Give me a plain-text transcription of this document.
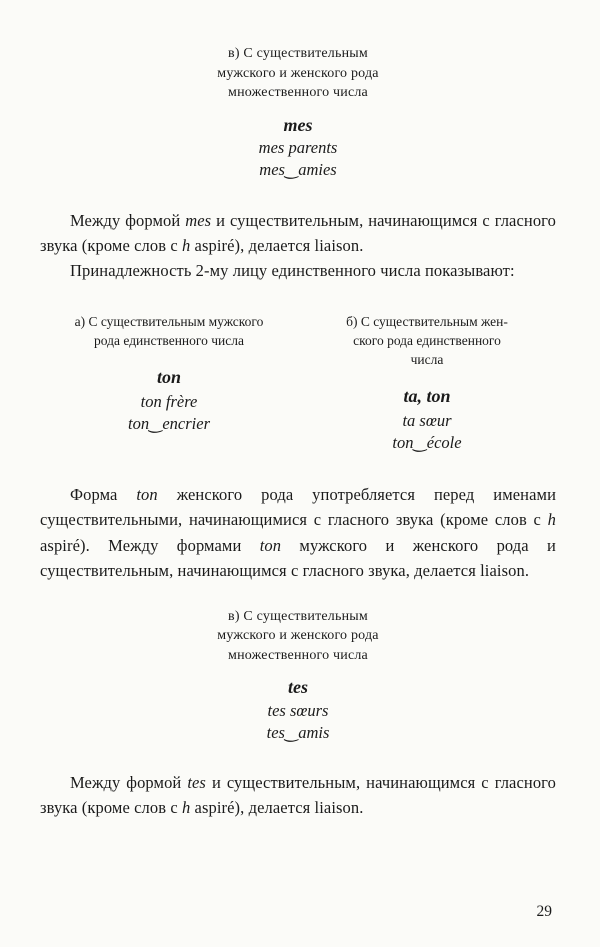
в) С существительным
мужского и женского рода
множественного числа
mes
mes parents
mes‿amies

Между формой mes и существительным, начинающимся с гласного звука (кроме слов с h aspiré), делается liaison.

Принадлежность 2-му лицу единственного числа показывают:

а) С существительным мужского
рода единственного числа
ton
ton frère
ton‿encrier
б) С существительным жен-
ского рода единственного
числа
ta, ton
ta sœur
ton‿école

Форма ton женского рода употребляется перед именами существительными, начинающимися с гласного звука (кроме слов с h aspiré). Между формами ton мужского и женского рода и существительным, начинающимся с гласного звука, делается liaison.

в) С существительным
мужского и женского рода
множественного числа
tes
tes sœurs
tes‿amis

Между формой tes и существительным, начинающимся с гласного звука (кроме слов с h aspiré), делается liaison.

29
